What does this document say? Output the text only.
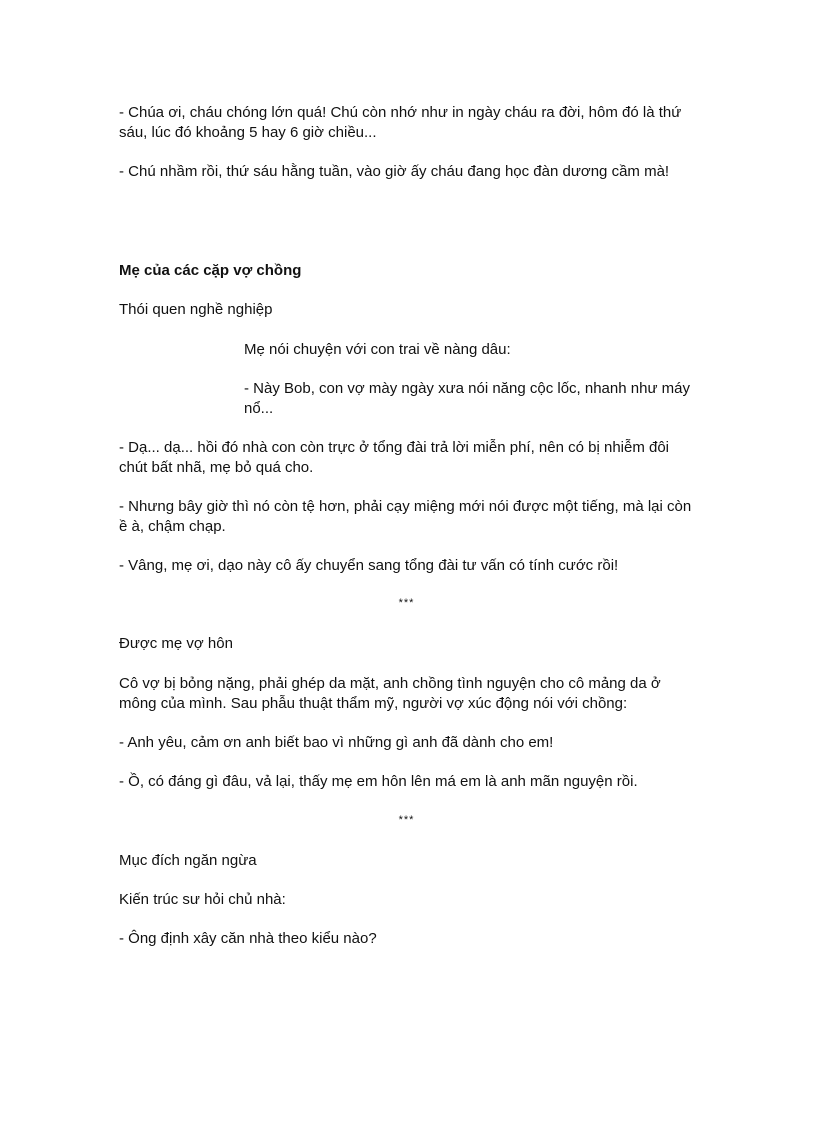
- Chúa ơi, cháu chóng lớn quá! Chú còn nhớ như in ngày cháu ra đời, hôm đó là thứ sáu, lúc đó khoảng 5 hay 6 giờ chiều...

- Chú nhầm rồi, thứ sáu hằng tuần, vào giờ ấy cháu đang học đàn dương cầm mà!

Mẹ của các cặp vợ chồng

Thói quen nghề nghiệp

Mẹ nói chuyện với con trai về nàng dâu:

- Này Bob, con vợ mày ngày xưa nói năng cộc lốc, nhanh như máy nổ...

- Dạ... dạ... hồi đó nhà con còn trực ở tổng đài trả lời miễn phí, nên có bị nhiễm đôi chút bất nhã, mẹ bỏ quá cho.

- Nhưng bây giờ thì nó còn tệ hơn, phải cạy miệng mới nói được một tiếng, mà lại còn ề à, chậm chạp.

- Vâng, mẹ ơi, dạo này cô ấy chuyển sang tổng đài tư vấn có tính cước rồi!

***

Được mẹ vợ hôn

Cô vợ bị bỏng nặng, phải ghép da mặt, anh chồng tình nguyện cho cô mảng da ở mông của mình. Sau phẫu thuật thẩm mỹ, người vợ xúc động nói với chồng:

- Anh yêu, cảm ơn anh biết bao vì những gì anh đã dành cho em!

- Ồ, có đáng gì đâu, vả lại, thấy mẹ em hôn lên má em là anh mãn nguyện rồi.

***

Mục đích ngăn ngừa

Kiến trúc sư hỏi chủ nhà:

- Ông định xây căn nhà theo kiểu nào?
